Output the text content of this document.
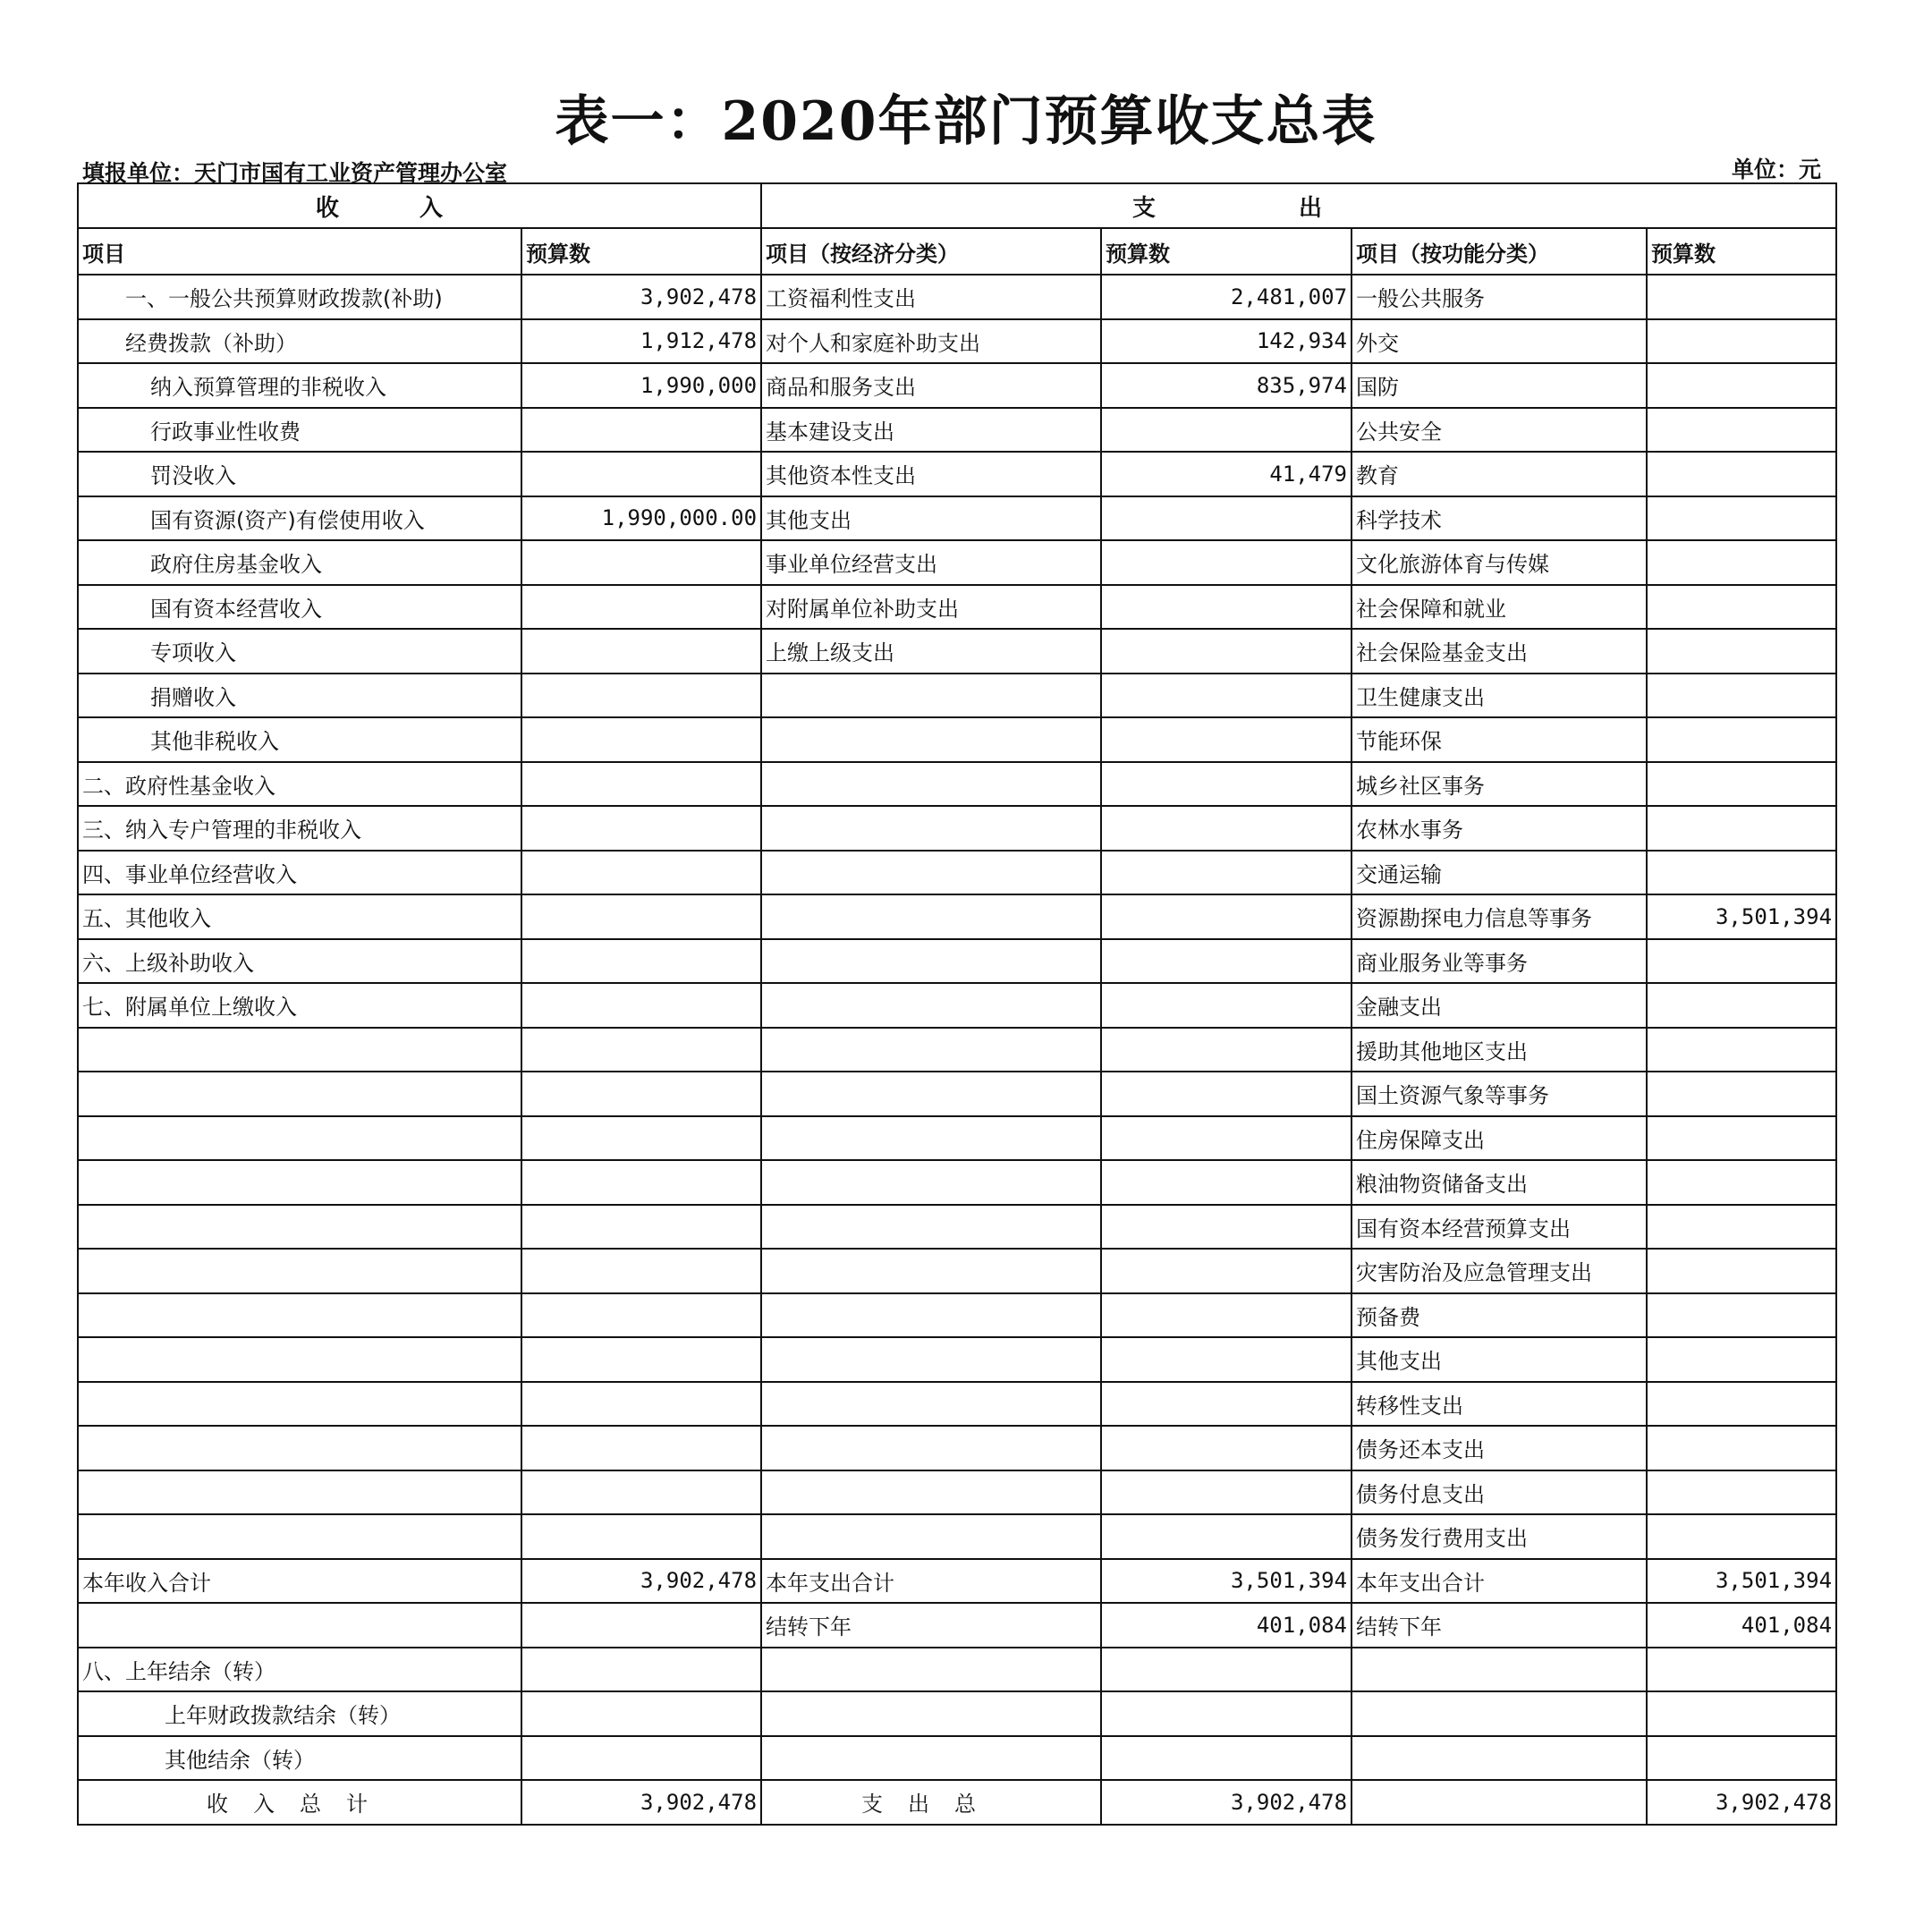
表一：2020年部门预算收支总表
填报单位：天门市国有工业资产管理办公室	单位：元
收入		支出			
项目	预算数	项目（按经济分类）	预算数	项目（按功能分类）	预算数
一、一般公共预算财政拨款(补助)	3,902,478	工资福利性支出	2,481,007	一般公共服务	
经费拨款（补助）	1,912,478	对个人和家庭补助支出	142,934	外交	
纳入预算管理的非税收入	1,990,000	商品和服务支出	835,974	国防	
行政事业性收费		基本建设支出		公共安全	
罚没收入		其他资本性支出	41,479	教育	
国有资源(资产)有偿使用收入	1,990,000.00	其他支出		科学技术	
政府住房基金收入		事业单位经营支出		文化旅游体育与传媒	
国有资本经营收入		对附属单位补助支出		社会保障和就业	
专项收入		上缴上级支出		社会保险基金支出	
捐赠收入				卫生健康支出	
其他非税收入				节能环保	
二、政府性基金收入				城乡社区事务	
三、纳入专户管理的非税收入				农林水事务	
四、事业单位经营收入				交通运输	
五、其他收入				资源勘探电力信息等事务	3,501,394
六、上级补助收入				商业服务业等事务	
七、附属单位上缴收入				金融支出	
				援助其他地区支出	
				国土资源气象等事务	
				住房保障支出	
				粮油物资储备支出	
				国有资本经营预算支出	
				灾害防治及应急管理支出	
				预备费	
				其他支出	
				转移性支出	
				债务还本支出	
				债务付息支出	
				债务发行费用支出	
本年收入合计	3,902,478	本年支出合计	3,501,394	本年支出合计	3,501,394
		结转下年	401,084	结转下年	401,084
八、上年结余（转）					
上年财政拨款结余（转）					
其他结余（转）					
收入总计	3,902,478	支出总	3,902,478		3,902,478
